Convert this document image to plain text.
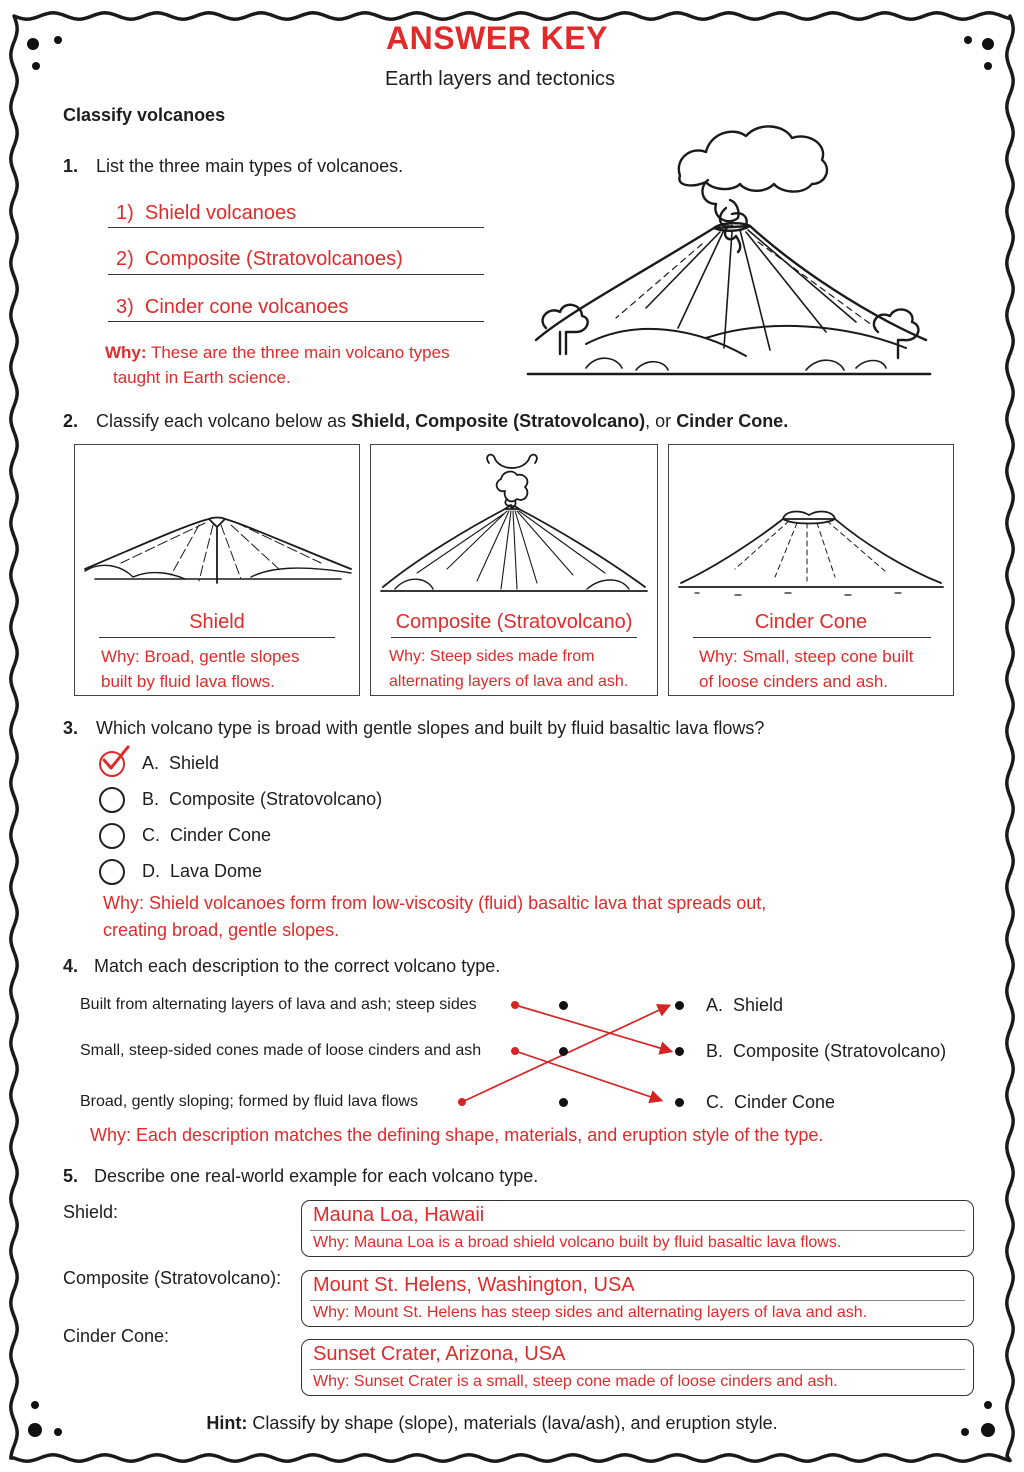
ANSWER KEY
Earth layers and tectonics
Classify volcanoes
1. List the three main types of volcanoes.
1)  Shield volcanoes
2)  Composite (Stratovolcanoes)
3)  Cinder cone volcanoes
Why: These are the three main volcano types
taught in Earth science.
2. Classify each volcano below as Shield, Composite (Stratovolcano), or Cinder Cone.
Shield
Why: Broad, gentle slopes
built by fluid lava flows.
Composite (Stratovolcano)
Why: Steep sides made from
alternating layers of lava and ash.
Cinder Cone
Why: Small, steep cone built
of loose cinders and ash.
3. Which volcano type is broad with gentle slopes and built by fluid basaltic lava flows?
A.  Shield
B.  Composite (Stratovolcano)
C.  Cinder Cone
D.  Lava Dome
Why: Shield volcanoes form from low-viscosity (fluid) basaltic lava that spreads out,
creating broad, gentle slopes.
4. Match each description to the correct volcano type.
Built from alternating layers of lava and ash; steep sides
Small, steep-sided cones made of loose cinders and ash
Broad, gently sloping; formed by fluid lava flows
A.  Shield
B.  Composite (Stratovolcano)
C.  Cinder Cone
Why: Each description matches the defining shape, materials, and eruption style of the type.
5. Describe one real-world example for each volcano type.
Shield:	Mauna Loa, Hawaii
Why: Mauna Loa is a broad shield volcano built by fluid basaltic lava flows.
Composite (Stratovolcano): Mount St. Helens, Washington, USA
Why: Mount St. Helens has steep sides and alternating layers of lava and ash.
Cinder Cone:
Sunset Crater, Arizona, USA
Why: Sunset Crater is a small, steep cone made of loose cinders and ash.
Hint: Classify by shape (slope), materials (lava/ash), and eruption style.
